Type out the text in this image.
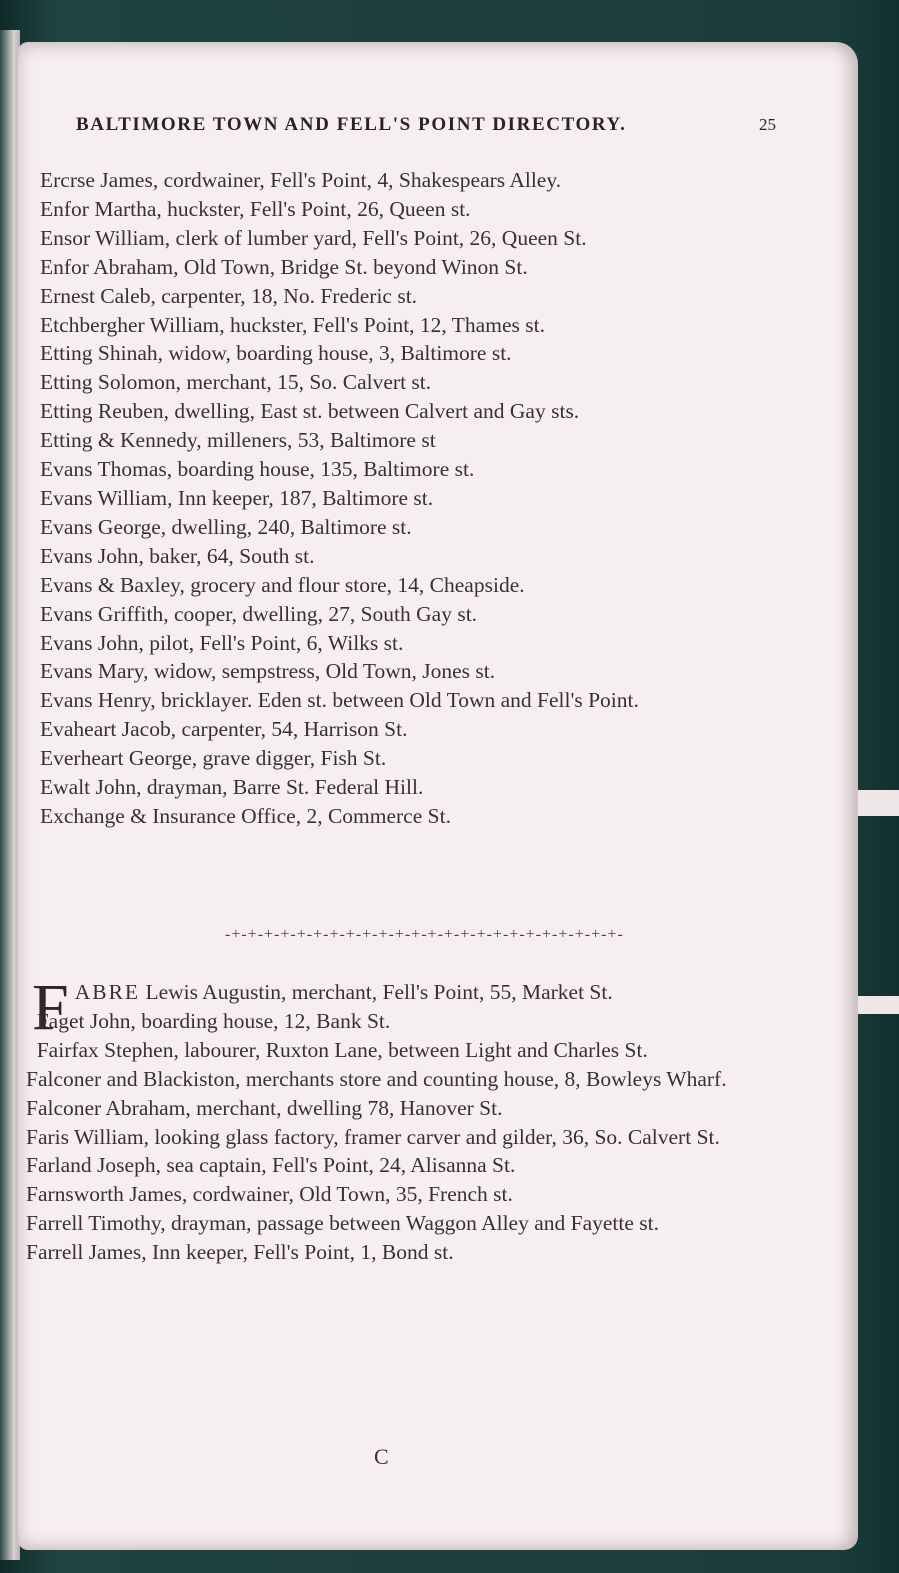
BALTIMORE TOWN AND FELL'S POINT DIRECTORY.	25

Ercrse James, cordwainer, Fell's Point, 4, Shakespears Alley.

Enfor Martha, huckster, Fell's Point, 26, Queen st.

Ensor William, clerk of lumber yard, Fell's Point, 26, Queen St.

Enfor Abraham, Old Town, Bridge St. beyond Winon St.

Ernest Caleb, carpenter, 18, No. Frederic st.

Etchbergher William, huckster, Fell's Point, 12, Thames st.

Etting Shinah, widow, boarding house, 3, Baltimore st.

Etting Solomon, merchant, 15, So. Calvert st.

Etting Reuben, dwelling, East st. between Calvert and Gay sts.

Etting & Kennedy, milleners, 53, Baltimore st

Evans Thomas, boarding house, 135, Baltimore st.

Evans William, Inn keeper, 187, Baltimore st.

Evans George, dwelling, 240, Baltimore st.

Evans John, baker, 64, South st.

Evans & Baxley, grocery and flour store, 14, Cheapside.

Evans Griffith, cooper, dwelling, 27, South Gay st.

Evans John, pilot, Fell's Point, 6, Wilks st.

Evans Mary, widow, sempstress, Old Town, Jones st.

Evans Henry, bricklayer. Eden st. between Old Town and Fell's Point.

Evaheart Jacob, carpenter, 54, Harrison St.

Everheart George, grave digger, Fish St.

Ewalt John, drayman, Barre St. Federal Hill.

Exchange & Insurance Office, 2, Commerce St.

-+-+-+-+-+-+-+-+-+-+-+-+-+-+-+-+-+-+-+-+-+-+-+-+-

FABRE Lewis Augustin, merchant, Fell's Point, 55, Market St.

Faget John, boarding house, 12, Bank St.

Fairfax Stephen, labourer, Ruxton Lane, between Light and Charles St.

Falconer and Blackiston, merchants store and counting house, 8, Bowleys Wharf.

Falconer Abraham, merchant, dwelling 78, Hanover St.

Faris William, looking glass factory, framer carver and gilder, 36, So. Calvert St.

Farland Joseph, sea captain, Fell's Point, 24, Alisanna St.

Farnsworth James, cordwainer, Old Town, 35, French st.

Farrell Timothy, drayman, passage between Waggon Alley and Fayette st.

Farrell James, Inn keeper, Fell's Point, 1, Bond st.

C
